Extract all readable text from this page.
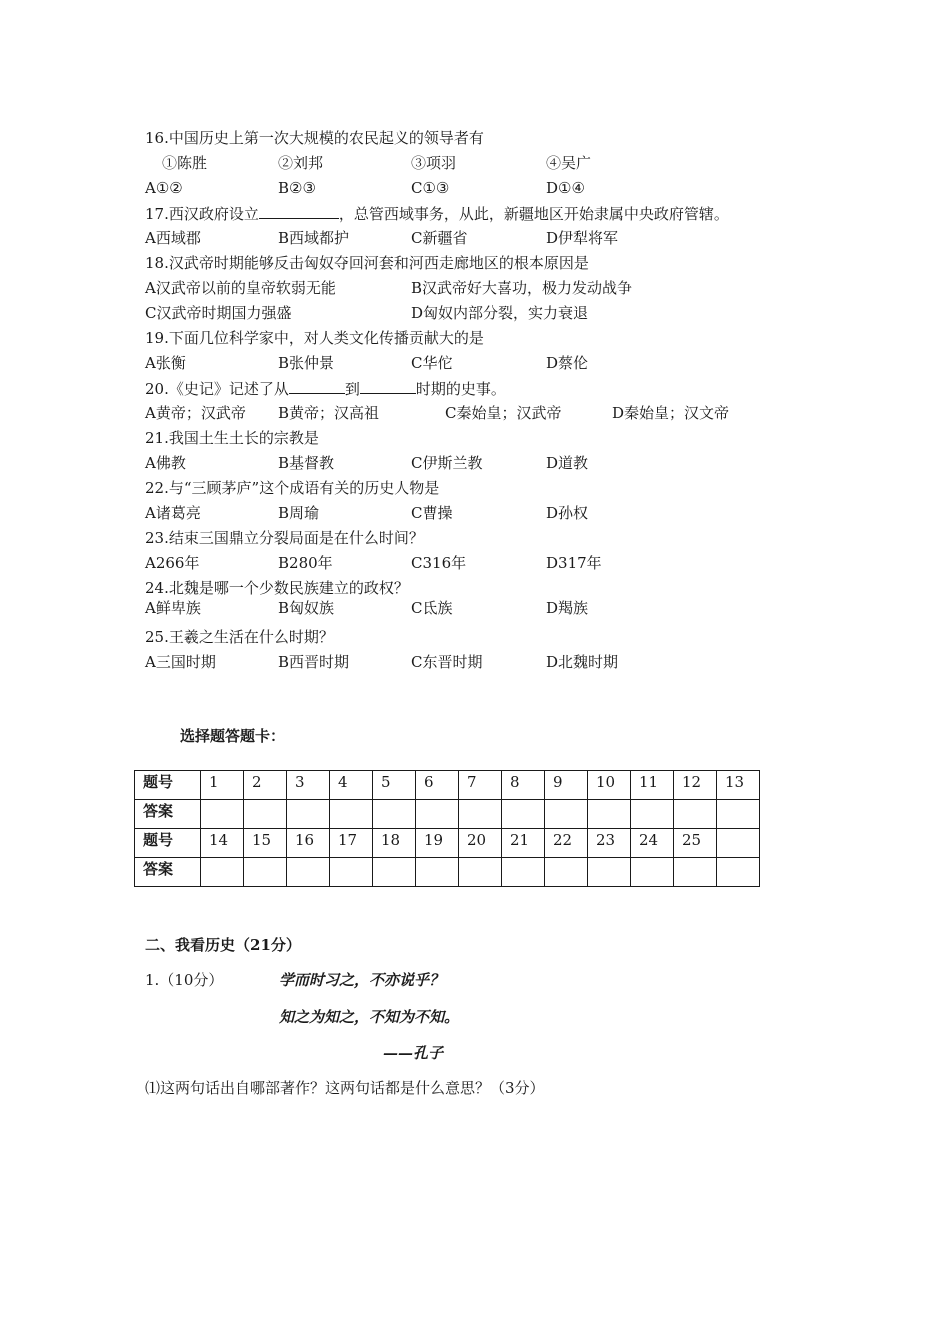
16.中国历史上第一次大规模的农民起义的领导者有
①陈胜	②刘邦	③项羽	④吴广
A①②	B②③	C①③	D①④
17.西汉政府设立	，总管西域事务，从此，新疆地区开始隶属中央政府管辖。
A西域郡	B西域都护	C新疆省	D伊犁将军
18.汉武帝时期能够反击匈奴夺回河套和河西走廊地区的根本原因是
A汉武帝以前的皇帝软弱无能	B汉武帝好大喜功，极力发动战争
C汉武帝时期国力强盛	D匈奴内部分裂，实力衰退
19.下面几位科学家中，对人类文化传播贡献大的是
A张衡	B张仲景	C华佗	D蔡伦
20.《史记》记述了从	到	时期的史事。
A黄帝；汉武帝 B黄帝；汉高祖	C秦始皇；汉武帝	D秦始皇；汉文帝
21.我国土生土长的宗教是
A佛教	B基督教	C伊斯兰教	D道教
22.与“三顾茅庐”这个成语有关的历史人物是
A诸葛亮	B周瑜	C曹操	D孙权
23.结束三国鼎立分裂局面是在什么时间？
A266年	B280年	C316年	D317年
24.北魏是哪一个少数民族建立的政权？
A鲜卑族	B匈奴族	C氐族	D羯族
25.王羲之生活在什么时期？
A三国时期	B西晋时期	C东晋时期	D北魏时期
选择题答题卡：
题号	1	2	3	4	5	6	7	8	9	10	11	12	13
答案													
题号	14	15	16	17	18	19	20	21	22	23	24	25	
答案													
二、我看历史（21分）
1.（10分）	学而时习之，不亦说乎？
知之为知之，不知为不知。
——孔子
⑴这两句话出自哪部著作？这两句话都是什么意思？（3分）
